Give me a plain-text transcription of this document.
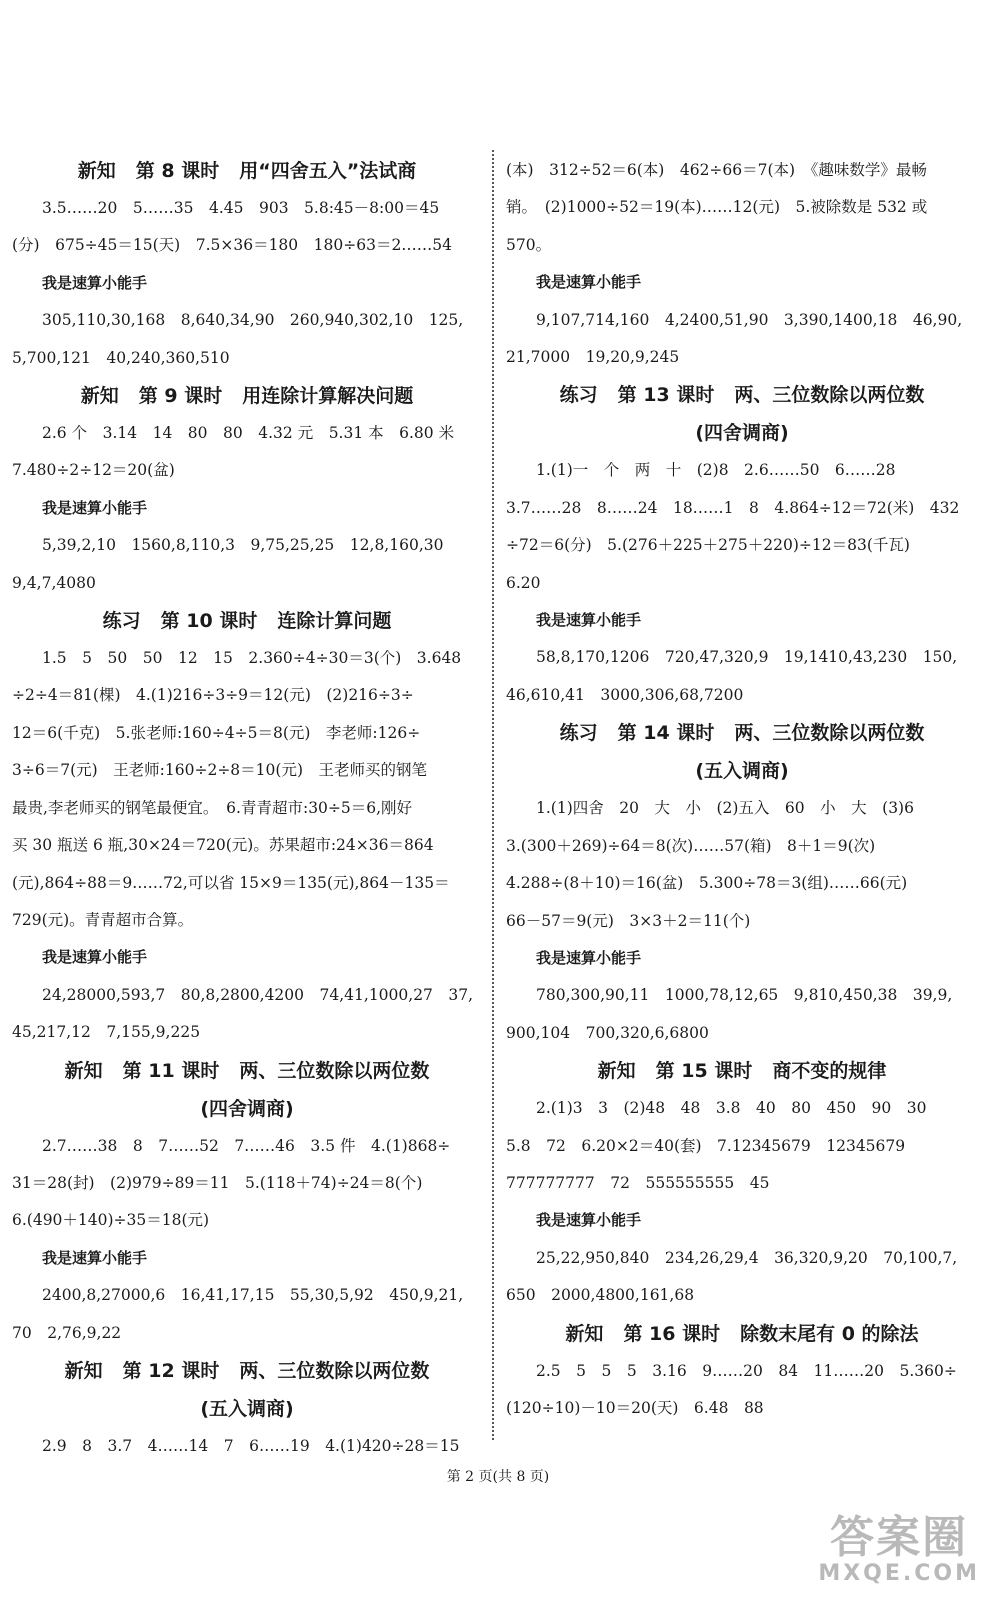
新知 第 8 课时 用“四舍五入”法试商
3.5……20　5……35　4.45　903　5.8:45－8:00＝45
(分)　675÷45＝15(天)　7.5×36＝180　180÷63＝2……54
我是速算小能手
305,110,30,168　8,640,34,90　260,940,302,10　125,
5,700,121　40,240,360,510
新知 第 9 课时 用连除计算解决问题
2.6 个　3.14　14　80　80　4.32 元　5.31 本　6.80 米
7.480÷2÷12＝20(盆)
我是速算小能手
5,39,2,10　1560,8,110,3　9,75,25,25　12,8,160,30
9,4,7,4080
练习 第 10 课时 连除计算问题
1.5　5　50　50　12　15　2.360÷4÷30＝3(个)　3.648
÷2÷4＝81(棵)　4.(1)216÷3÷9＝12(元)　(2)216÷3÷
12＝6(千克)　5.张老师:160÷4÷5＝8(元)　李老师:126÷
3÷6＝7(元)　王老师:160÷2÷8＝10(元)　王老师买的钢笔
最贵,李老师买的钢笔最便宜。　6.青青超市:30÷5＝6,刚好
买 30 瓶送 6 瓶,30×24＝720(元)。苏果超市:24×36＝864
(元),864÷88＝9……72,可以省 15×9＝135(元),864－135＝
729(元)。青青超市合算。
我是速算小能手
24,28000,593,7　80,8,2800,4200　74,41,1000,27　37,
45,217,12　7,155,9,225
新知 第 11 课时 两、三位数除以两位数
(四舍调商)
2.7……38　8　7……52　7……46　3.5 件　4.(1)868÷
31＝28(封)　(2)979÷89＝11　5.(118＋74)÷24＝8(个)
6.(490＋140)÷35＝18(元)
我是速算小能手
2400,8,27000,6　16,41,17,15　55,30,5,92　450,9,21,
70　2,76,9,22
新知 第 12 课时 两、三位数除以两位数
(五入调商)
2.9　8　3.7　4……14　7　6……19　4.(1)420÷28＝15
(本)　312÷52＝6(本)　462÷66＝7(本)　《趣味数学》最畅
销。　(2)1000÷52＝19(本)……12(元)　5.被除数是 532 或
570。
我是速算小能手
9,107,714,160　4,2400,51,90　3,390,1400,18　46,90,
21,7000　19,20,9,245
练习 第 13 课时 两、三位数除以两位数
(四舍调商)
1.(1)一　个　两　十　(2)8　2.6……50　6……28
3.7……28　8……24　18……1　8　4.864÷12＝72(米)　432
÷72＝6(分)　5.(276＋225＋275＋220)÷12＝83(千瓦)
6.20
我是速算小能手
58,8,170,1206　720,47,320,9　19,1410,43,230　150,
46,610,41　3000,306,68,7200
练习 第 14 课时 两、三位数除以两位数
(五入调商)
1.(1)四舍　20　大　小　(2)五入　60　小　大　(3)6
3.(300＋269)÷64＝8(次)……57(箱)　8＋1＝9(次)
4.288÷(8＋10)＝16(盆)　5.300÷78＝3(组)……66(元)
66－57＝9(元)　3×3＋2＝11(个)
我是速算小能手
780,300,90,11　1000,78,12,65　9,810,450,38　39,9,
900,104　700,320,6,6800
新知 第 15 课时 商不变的规律
2.(1)3　3　(2)48　48　3.8　40　80　450　90　30
5.8　72　6.20×2＝40(套)　7.12345679　12345679
777777777　72　555555555　45
我是速算小能手
25,22,950,840　234,26,29,4　36,320,9,20　70,100,7,
650　2000,4800,161,68
新知 第 16 课时 除数末尾有 0 的除法
2.5　5　5　5　3.16　9……20　84　11……20　5.360÷
(120÷10)－10＝20(天)　6.48　88
第 2 页(共 8 页)
答案圈
MXQE.COM
